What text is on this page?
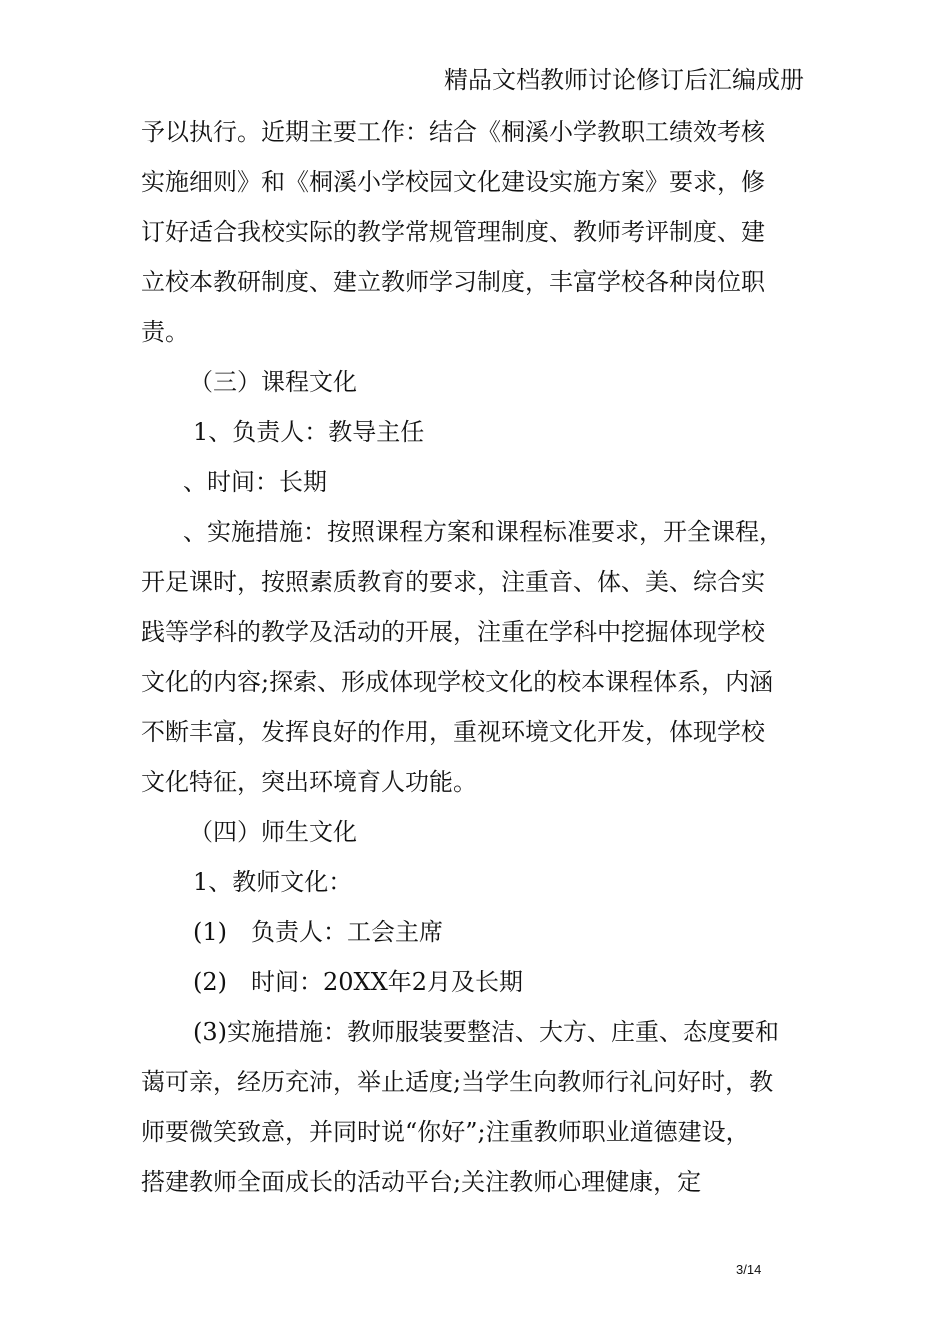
精品文档教师讨论修订后汇编成册
予以执行。近期主要工作：结合《桐溪小学教职工绩效考核
实施细则》和《桐溪小学校园文化建设实施方案》要求，修
订好适合我校实际的教学常规管理制度、教师考评制度、建
立校本教研制度、建立教师学习制度，丰富学校各种岗位职
责。
（三）课程文化
1、负责人：教导主任
、时间：长期
、实施措施：按照课程方案和课程标准要求，开全课程，
开足课时，按照素质教育的要求，注重音、体、美、综合实
践等学科的教学及活动的开展，注重在学科中挖掘体现学校
文化的内容;探索、形成体现学校文化的校本课程体系，内涵
不断丰富，发挥良好的作用，重视环境文化开发，体现学校
文化特征，突出环境育人功能。
（四）师生文化
1、教师文化：
(1)　负责人：工会主席
(2)　时间：20XX年2月及长期
(3)实施措施：教师服装要整洁、大方、庄重、态度要和
蔼可亲，经历充沛，举止适度;当学生向教师行礼问好时，教
师要微笑致意，并同时说“你好”;注重教师职业道德建设，
搭建教师全面成长的活动平台;关注教师心理健康，定
3/14
